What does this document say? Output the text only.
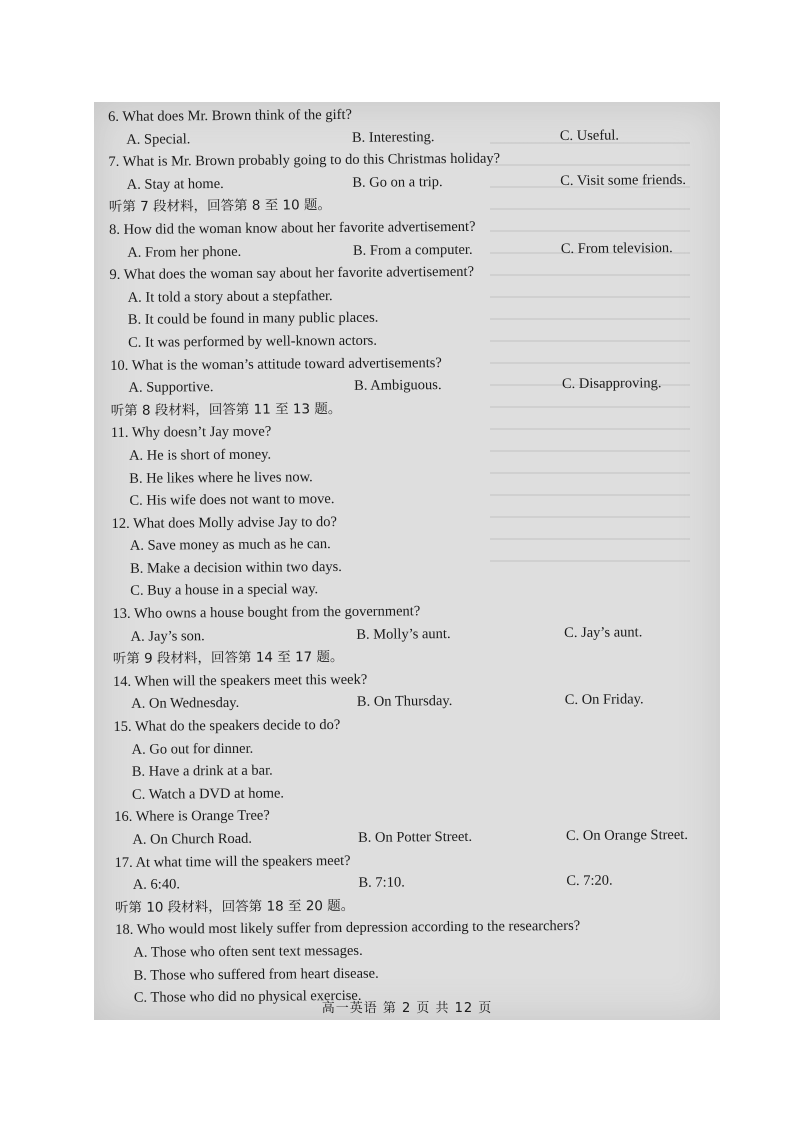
6. What does Mr. Brown think of the gift?
A. Special.	B. Interesting.	C. Useful.
7. What is Mr. Brown probably going to do this Christmas holiday?
A. Stay at home.	B. Go on a trip.	C. Visit some friends.
听第 7 段材料，回答第 8 至 10 题。
8. How did the woman know about her favorite advertisement?
A. From her phone.	B. From a computer.	C. From television.
9. What does the woman say about her favorite advertisement?
A. It told a story about a stepfather.
B. It could be found in many public places.
C. It was performed by well-known actors.
10. What is the woman’s attitude toward advertisements?
A. Supportive.	B. Ambiguous.	C. Disapproving.
听第 8 段材料，回答第 11 至 13 题。
11. Why doesn’t Jay move?
A. He is short of money.
B. He likes where he lives now.
C. His wife does not want to move.
12. What does Molly advise Jay to do?
A. Save money as much as he can.
B. Make a decision within two days.
C. Buy a house in a special way.
13. Who owns a house bought from the government?
A. Jay’s son.	B. Molly’s aunt.	C. Jay’s aunt.
听第 9 段材料，回答第 14 至 17 题。
14. When will the speakers meet this week?
A. On Wednesday.	B. On Thursday.	C. On Friday.
15. What do the speakers decide to do?
A. Go out for dinner.
B. Have a drink at a bar.
C. Watch a DVD at home.
16. Where is Orange Tree?
A. On Church Road.	B. On Potter Street.	C. On Orange Street.
17. At what time will the speakers meet?
A. 6:40.	B. 7:10.	C. 7:20.
听第 10 段材料，回答第 18 至 20 题。
18. Who would most likely suffer from depression according to the researchers?
A. Those who often sent text messages.
B. Those who suffered from heart disease.
C. Those who did no physical exercise.
高一英语 第 2 页 共 12 页
